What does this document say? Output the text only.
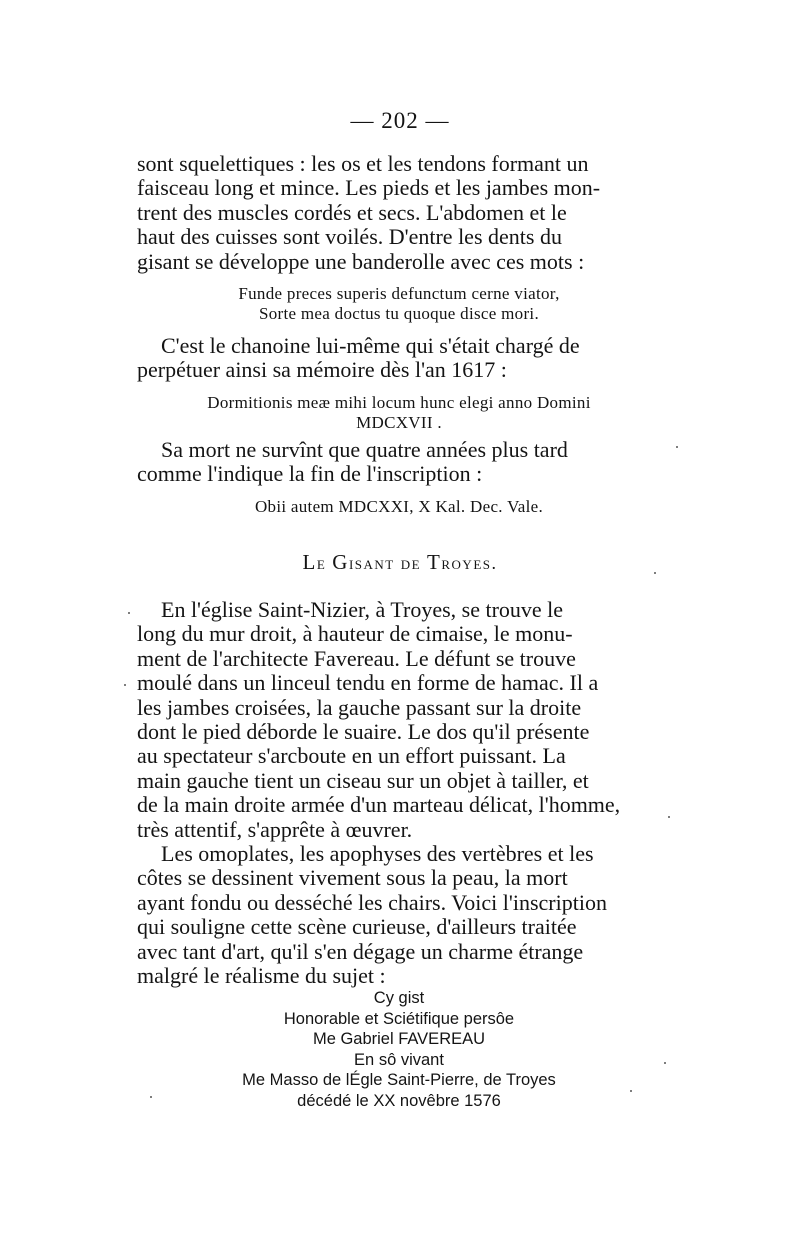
— 202 —

sont squelettiques : les os et les tendons formant un
faisceau long et mince. Les pieds et les jambes mon-
trent des muscles cordés et secs. L'abdomen et le
haut des cuisses sont voilés. D'entre les dents du
gisant se développe une banderolle avec ces mots :

Funde preces superis defunctum cerne viator,
Sorte mea doctus tu quoque disce mori.

C'est le chanoine lui-même qui s'était chargé de
perpétuer ainsi sa mémoire dès l'an 1617 :

Dormitionis meæ mihi locum hunc elegi anno Domini
MDCXVII .

Sa mort ne survînt que quatre années plus tard
comme l'indique la fin de l'inscription :

Obii autem MDCXXI, X Kal. Dec. Vale.

Le Gisant de Troyes.

En l'église Saint-Nizier, à Troyes, se trouve le
long du mur droit, à hauteur de cimaise, le monu-
ment de l'architecte Favereau. Le défunt se trouve
moulé dans un linceul tendu en forme de hamac. Il a
les jambes croisées, la gauche passant sur la droite
dont le pied déborde le suaire. Le dos qu'il présente
au spectateur s'arcboute en un effort puissant. La
main gauche tient un ciseau sur un objet à tailler, et
de la main droite armée d'un marteau délicat, l'homme,
très attentif, s'apprête à œuvrer.

Les omoplates, les apophyses des vertèbres et les
côtes se dessinent vivement sous la peau, la mort
ayant fondu ou desséché les chairs. Voici l'inscription
qui souligne cette scène curieuse, d'ailleurs traitée
avec tant d'art, qu'il s'en dégage un charme étrange
malgré le réalisme du sujet :

Cy gist
Honorable et Sciétifique persôe
Me Gabriel FAVEREAU
En sô vivant
Me Masso de lÉgle Saint-Pierre, de Troyes
décédé le XX novêbre 1576
